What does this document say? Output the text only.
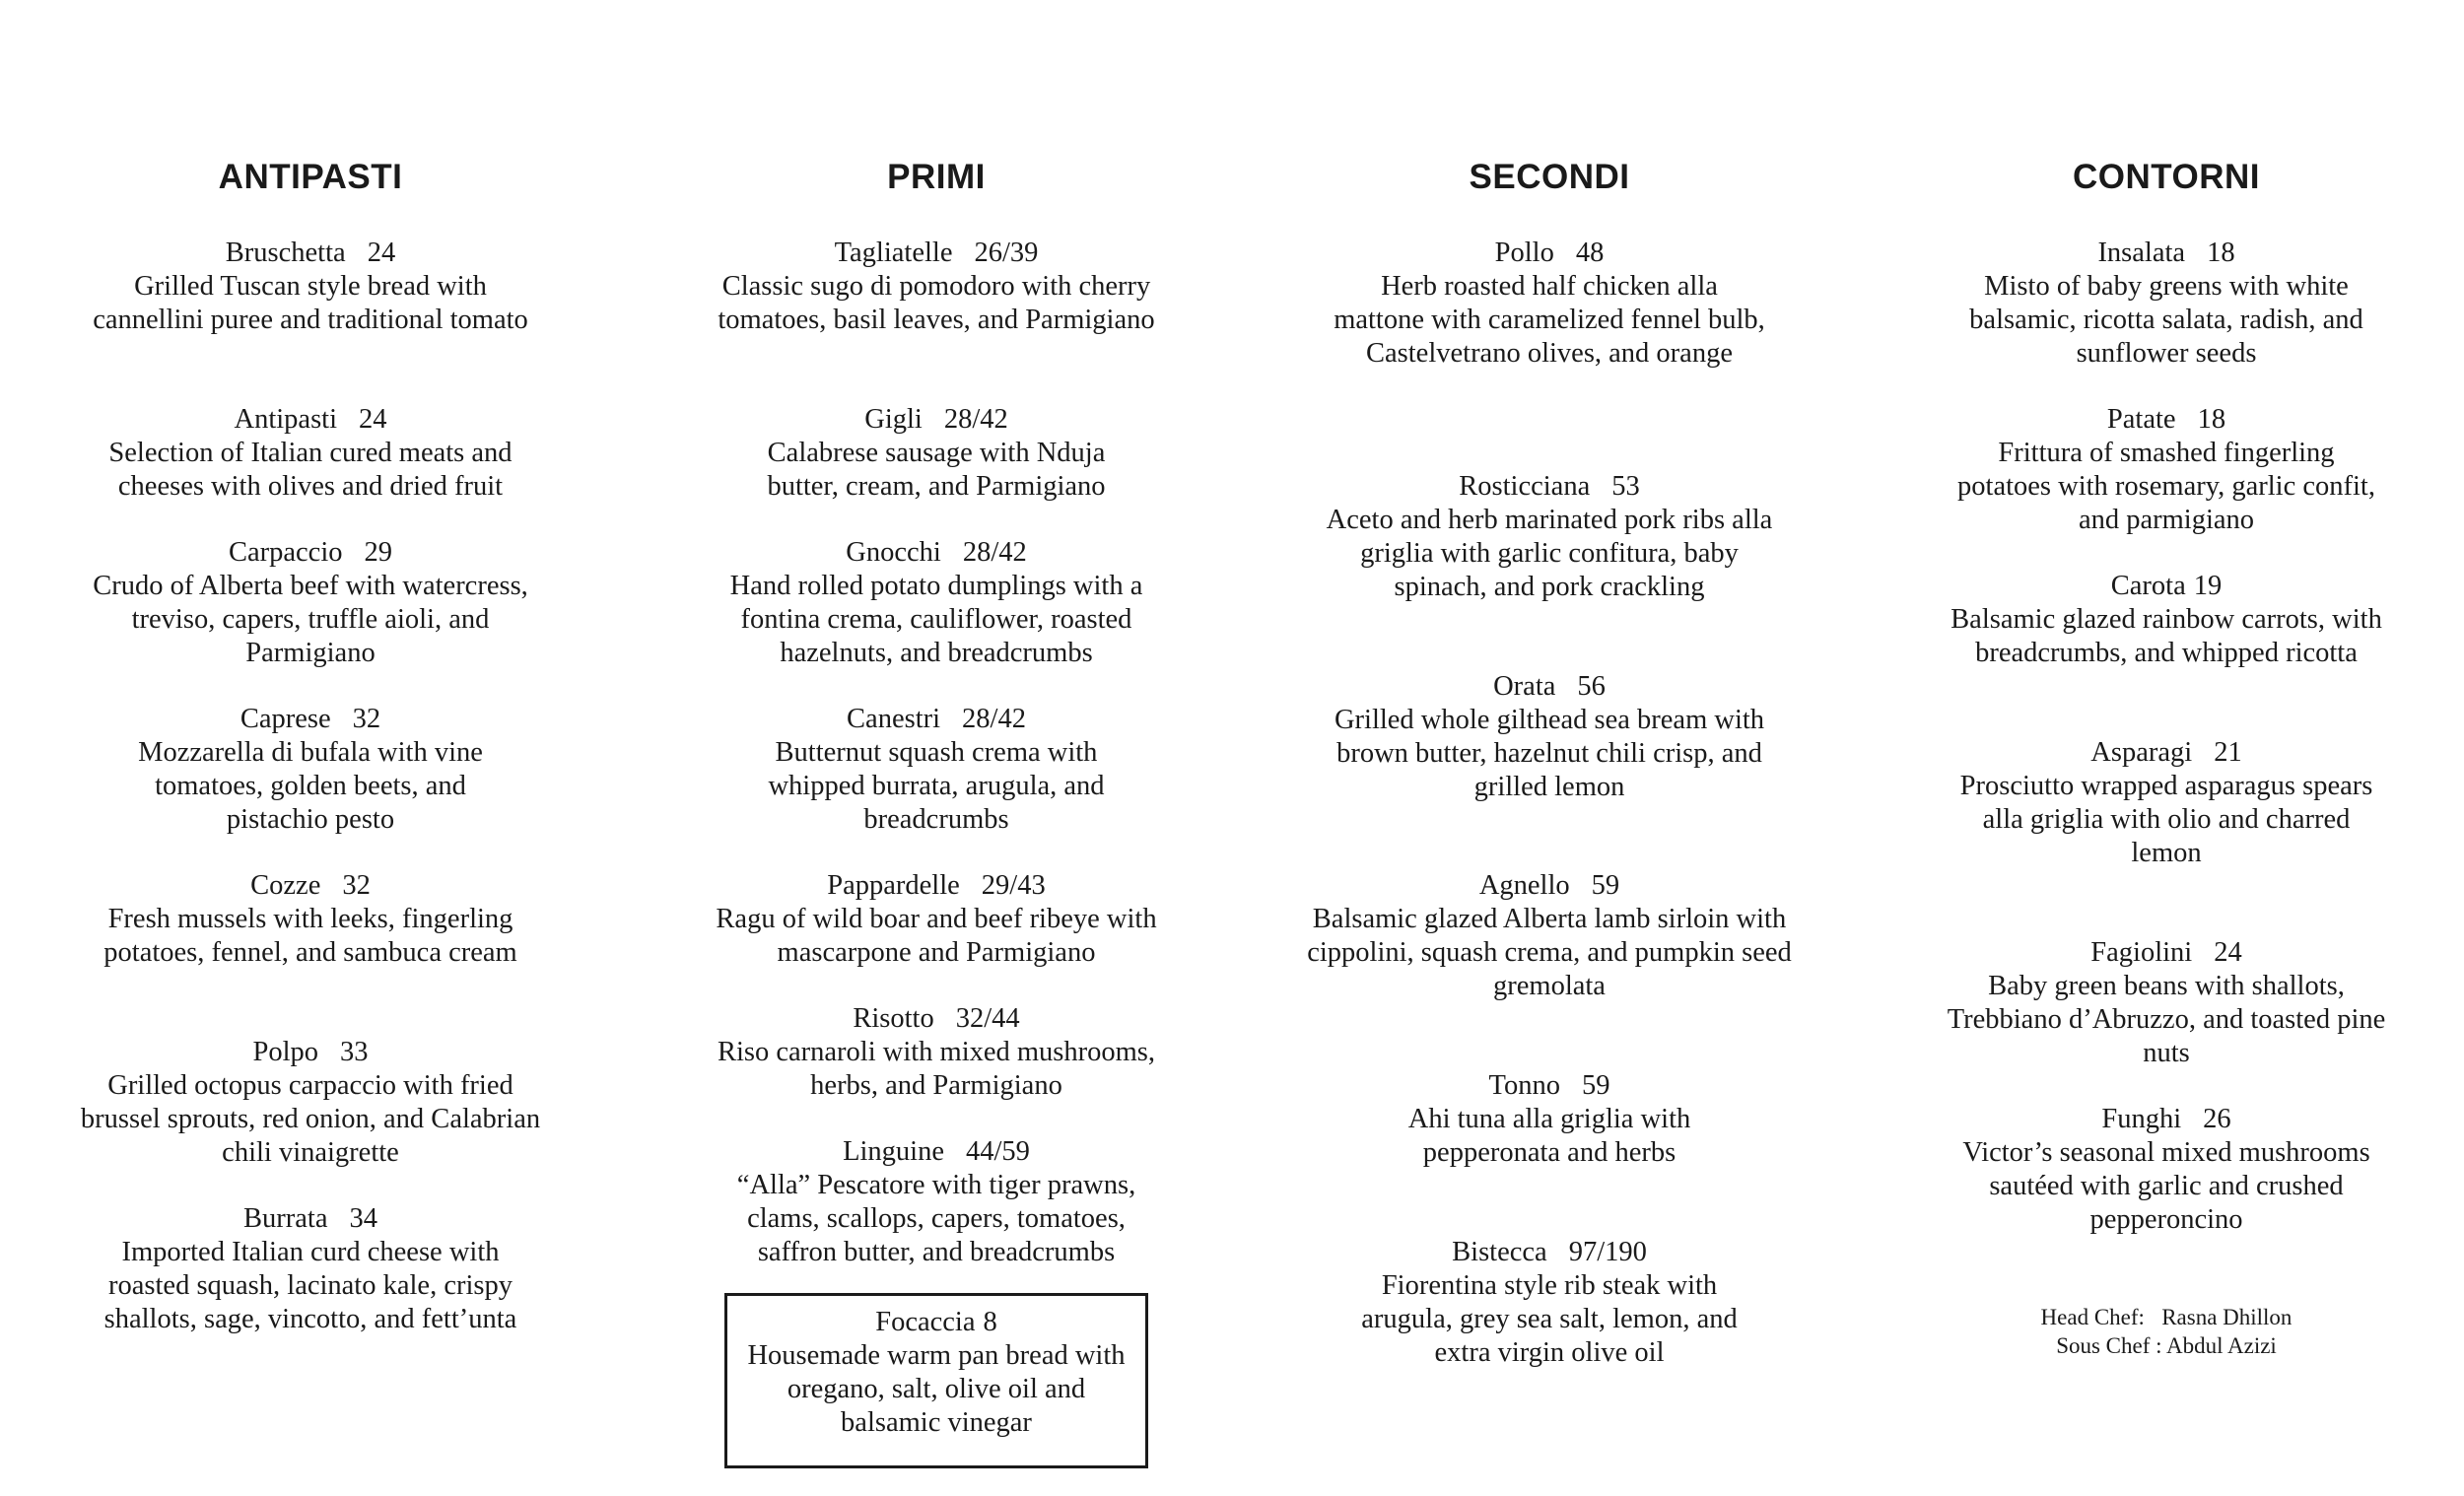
ANTIPASTI
Bruschetta 24
Grilled Tuscan style bread with cannellini puree and traditional tomato
Antipasti 24
Selection of Italian cured meats and cheeses with olives and dried fruit
Carpaccio 29
Crudo of Alberta beef with watercress, treviso, capers, truffle aioli, and Parmigiano
Caprese 32
Mozzarella di bufala with vine tomatoes, golden beets, and pistachio pesto
Cozze 32
Fresh mussels with leeks, fingerling potatoes, fennel, and sambuca cream
Polpo 33
Grilled octopus carpaccio with fried brussel sprouts, red onion, and Calabrian chili vinaigrette
Burrata 34
Imported Italian curd cheese with roasted squash, lacinato kale, crispy shallots, sage, vincotto, and fett’unta
PRIMI
Tagliatelle 26/39
Classic sugo di pomodoro with cherry tomatoes, basil leaves, and Parmigiano
Gigli 28/42
Calabrese sausage with Nduja butter, cream, and Parmigiano
Gnocchi 28/42
Hand rolled potato dumplings with a fontina crema, cauliflower, roasted hazelnuts, and breadcrumbs
Canestri 28/42
Butternut squash crema with whipped burrata, arugula, and breadcrumbs
Pappardelle 29/43
Ragu of wild boar and beef ribeye with mascarpone and Parmigiano
Risotto 32/44
Riso carnaroli with mixed mushrooms, herbs, and Parmigiano
Linguine 44/59
“Alla” Pescatore with tiger prawns, clams, scallops, capers, tomatoes, saffron butter, and breadcrumbs
Focaccia 8
Housemade warm pan bread with oregano, salt, olive oil and balsamic vinegar
SECONDI
Pollo 48
Herb roasted half chicken alla mattone with caramelized fennel bulb, Castelvetrano olives, and orange
Rosticciana 53
Aceto and herb marinated pork ribs alla griglia with garlic confitura, baby spinach, and pork crackling
Orata 56
Grilled whole gilthead sea bream with brown butter, hazelnut chili crisp, and grilled lemon
Agnello 59
Balsamic glazed Alberta lamb sirloin with cippolini, squash crema, and pumpkin seed gremolata
Tonno 59
Ahi tuna alla griglia with pepperonata and herbs
Bistecca 97/190
Fiorentina style rib steak with arugula, grey sea salt, lemon, and extra virgin olive oil
CONTORNI
Insalata 18
Misto of baby greens with white balsamic, ricotta salata, radish, and sunflower seeds
Patate 18
Frittura of smashed fingerling potatoes with rosemary, garlic confit, and parmigiano
Carota 19
Balsamic glazed rainbow carrots, with breadcrumbs, and whipped ricotta
Asparagi 21
Prosciutto wrapped asparagus spears alla griglia with olio and charred lemon
Fagiolini 24
Baby green beans with shallots, Trebbiano d’Abruzzo, and toasted pine nuts
Funghi 26
Victor’s seasonal mixed mushrooms sautéed with garlic and crushed pepperoncino
Head Chef: Rasna Dhillon
Sous Chef : Abdul Azizi
